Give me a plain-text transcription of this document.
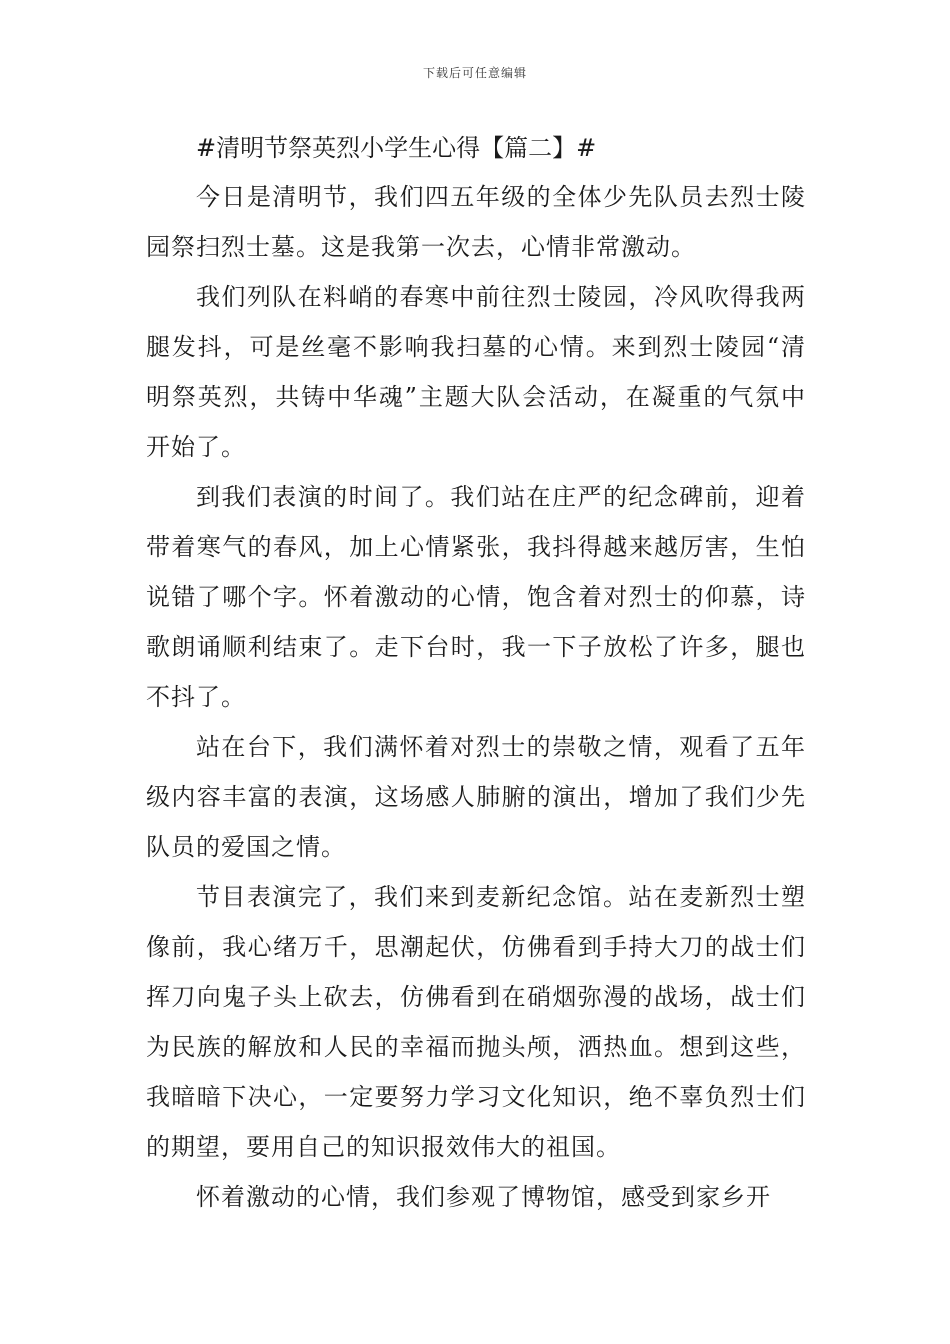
下载后可任意编辑
#清明节祭英烈小学生心得【篇二】#

今日是清明节，我们四五年级的全体少先队员去烈士陵园祭扫烈士墓。这是我第一次去，心情非常激动。

我们列队在料峭的春寒中前往烈士陵园，冷风吹得我两腿发抖，可是丝毫不影响我扫墓的心情。来到烈士陵园“清明祭英烈，共铸中华魂”主题大队会活动，在凝重的气氛中开始了。

到我们表演的时间了。我们站在庄严的纪念碑前，迎着带着寒气的春风，加上心情紧张，我抖得越来越厉害，生怕说错了哪个字。怀着激动的心情，饱含着对烈士的仰慕，诗歌朗诵顺利结束了。走下台时，我一下子放松了许多，腿也不抖了。

站在台下，我们满怀着对烈士的崇敬之情，观看了五年级内容丰富的表演，这场感人肺腑的演出，增加了我们少先队员的爱国之情。

节目表演完了，我们来到麦新纪念馆。站在麦新烈士塑像前，我心绪万千，思潮起伏，仿佛看到手持大刀的战士们挥刀向鬼子头上砍去，仿佛看到在硝烟弥漫的战场，战士们为民族的解放和人民的幸福而抛头颅，洒热血。想到这些，我暗暗下决心，一定要努力学习文化知识，绝不辜负烈士们的期望，要用自己的知识报效伟大的祖国。

怀着激动的心情，我们参观了博物馆，感受到家乡开
